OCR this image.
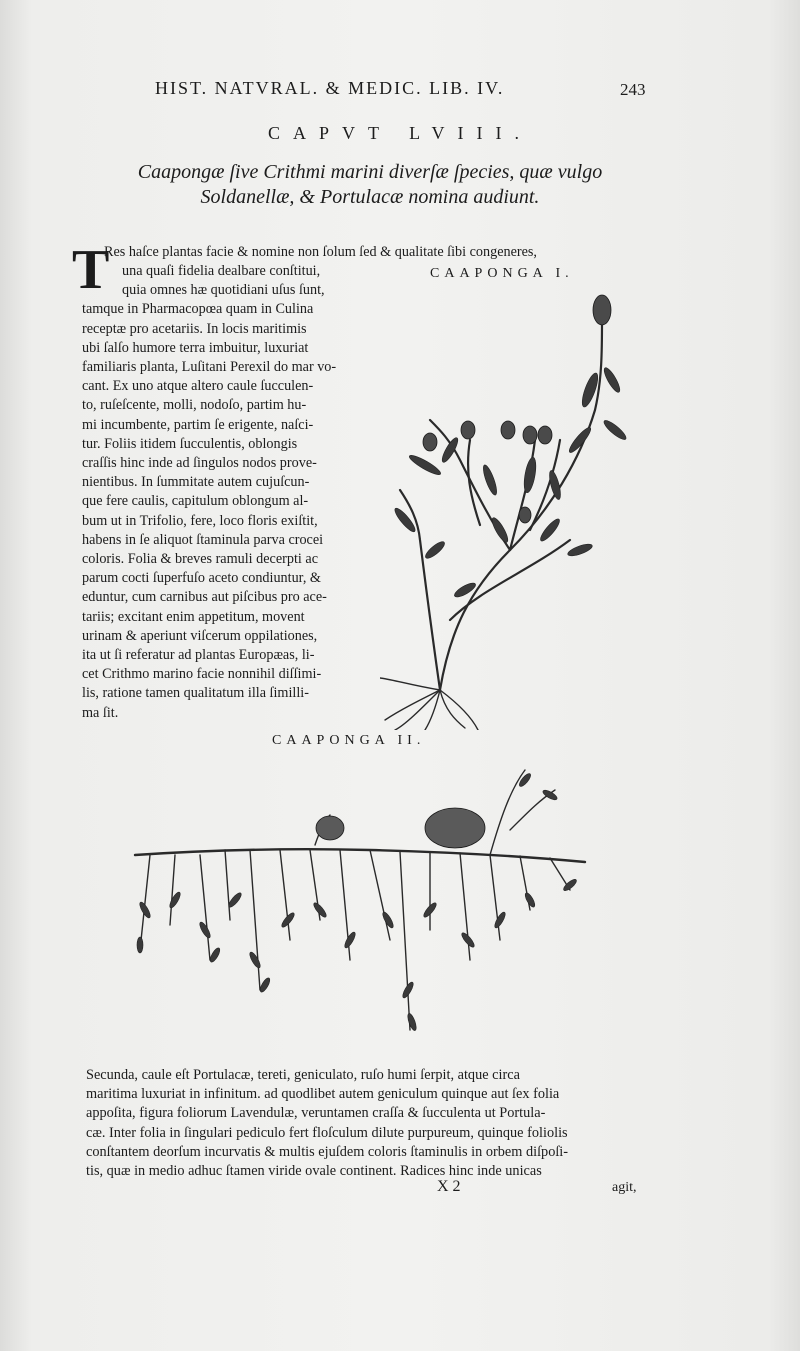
HIST. NATVRAL. & MEDIC. LIB. IV.	243
CAPVT LVIII.
Caapongæ ſive Crithmi marini diverſæ ſpecies, quæ vulgo
Soldanellæ, & Portulacæ nomina audiunt.
T
Res haſce plantas facie & nomine non ſolum ſed & qualitate ſibi congeneres,

una quaſi fidelia dealbare conſtitui,

quia omnes hæ quotidiani uſus ſunt,

tamque in Pharmacopœa quam in Culina

receptæ pro acetariis. In locis maritimis

ubi ſalſo humore terra imbuitur, luxuriat

familiaris planta, Luſitani Perexil do mar vo-

cant. Ex uno atque altero caule ſucculen-

to, ruſeſcente, molli, nodoſo, partim hu-

mi incumbente, partim ſe erigente, naſci-

tur. Foliis itidem ſucculentis, oblongis

craſſis hinc inde ad ſingulos nodos prove-

nientibus. In ſummitate autem cujuſcun-

que fere caulis, capitulum oblongum al-

bum ut in Trifolio, fere, loco floris exiſtit,

habens in ſe aliquot ſtaminula parva crocei

coloris. Folia & breves ramuli decerpti ac

parum cocti ſuperfuſo aceto condiuntur, &

eduntur, cum carnibus aut piſcibus pro ace-

tariis; excitant enim appetitum, movent

urinam & aperiunt viſcerum oppilationes,

ita ut ſi referatur ad plantas Europæas, li-

cet Crithmo marino facie nonnihil diſſimi-

lis, ratione tamen qualitatum illa ſimilli-

ma ſit.

CAAPONGA I.
CAAPONGA II.
Secunda, caule eſt Portulacæ, tereti, geniculato, ruſo humi ſerpit, atque circa
maritima luxuriat in infinitum. ad quodlibet autem geniculum quinque aut ſex folia
appoſita, figura foliorum Lavendulæ, veruntamen craſſa & ſucculenta ut Portula-
cæ. Inter folia in ſingulari pediculo fert floſculum dilute purpureum, quinque foliolis
conſtantem deorſum incurvatis & multis ejuſdem coloris ſtaminulis in orbem diſpoſi-
tis, quæ in medio adhuc ſtamen viride ovale continent. Radices hinc inde unicas
X 2	agit,
